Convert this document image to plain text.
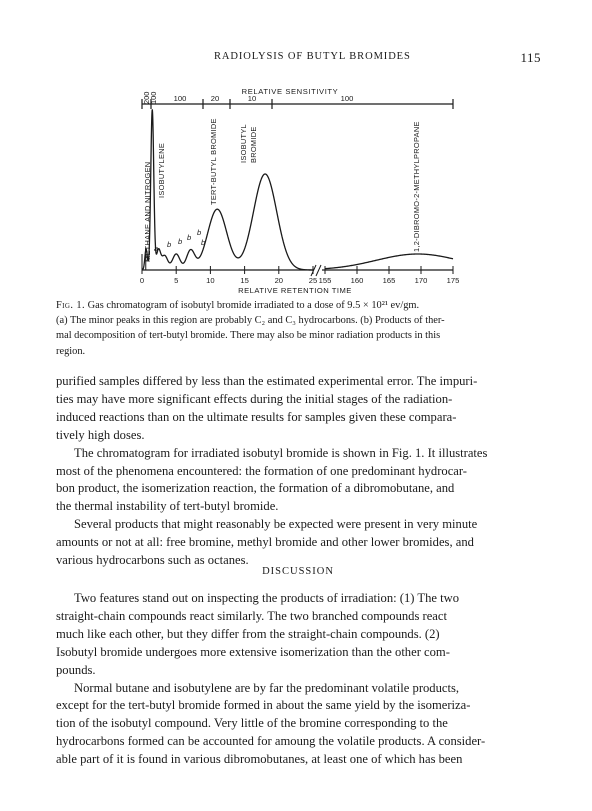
RADIOLYSIS OF BUTYL BROMIDES	115
RELATIVE SENSITIVITY
200
100 100	20	10	100
0	5	10	15	20	25 155	160	165	170	175
RELATIVE RETENTION TIME
METHANE AND NITROGEN ISOBUTYLENE	TERT-BUTYL BROMIDE	ISOBUTYL BROMIDE	1,2-DIBROMO-2-METHYLPROPANE
a b b b
b
b
Fig. 1. Gas chromatogram of isobutyl bromide irradiated to a dose of 9.5 × 10²¹ ev/gm.
(a) The minor peaks in this region are probably C₂ and C₃ hydrocarbons. (b) Products of ther-
mal decomposition of tert-butyl bromide. There may also be minor radiation products in this
region.

purified samples differed by less than the estimated experimental error. The impuri-
ties may have more significant effects during the initial stages of the radiation-
induced reactions than on the ultimate results for samples given these compara-
tively high doses.

The chromatogram for irradiated isobutyl bromide is shown in Fig. 1. It illustrates
most of the phenomena encountered: the formation of one predominant hydrocar-
bon product, the isomerization reaction, the formation of a dibromobutane, and
the thermal instability of tert-butyl bromide.

Several products that might reasonably be expected were present in very minute
amounts or not at all: free bromine, methyl bromide and other lower bromides, and
various hydrocarbons such as octanes.

DISCUSSION

Two features stand out on inspecting the products of irradiation: (1) The two
straight-chain compounds react similarly. The two branched compounds react
much like each other, but they differ from the straight-chain compounds. (2)
Isobutyl bromide undergoes more extensive isomerization than the other com-
pounds.

Normal butane and isobutylene are by far the predominant volatile products,
except for the tert-butyl bromide formed in about the same yield by the isomeriza-
tion of the isobutyl compound. Very little of the bromine corresponding to the
hydrocarbons formed can be accounted for amoung the volatile products. A consider-
able part of it is found in various dibromobutanes, at least one of which has been
